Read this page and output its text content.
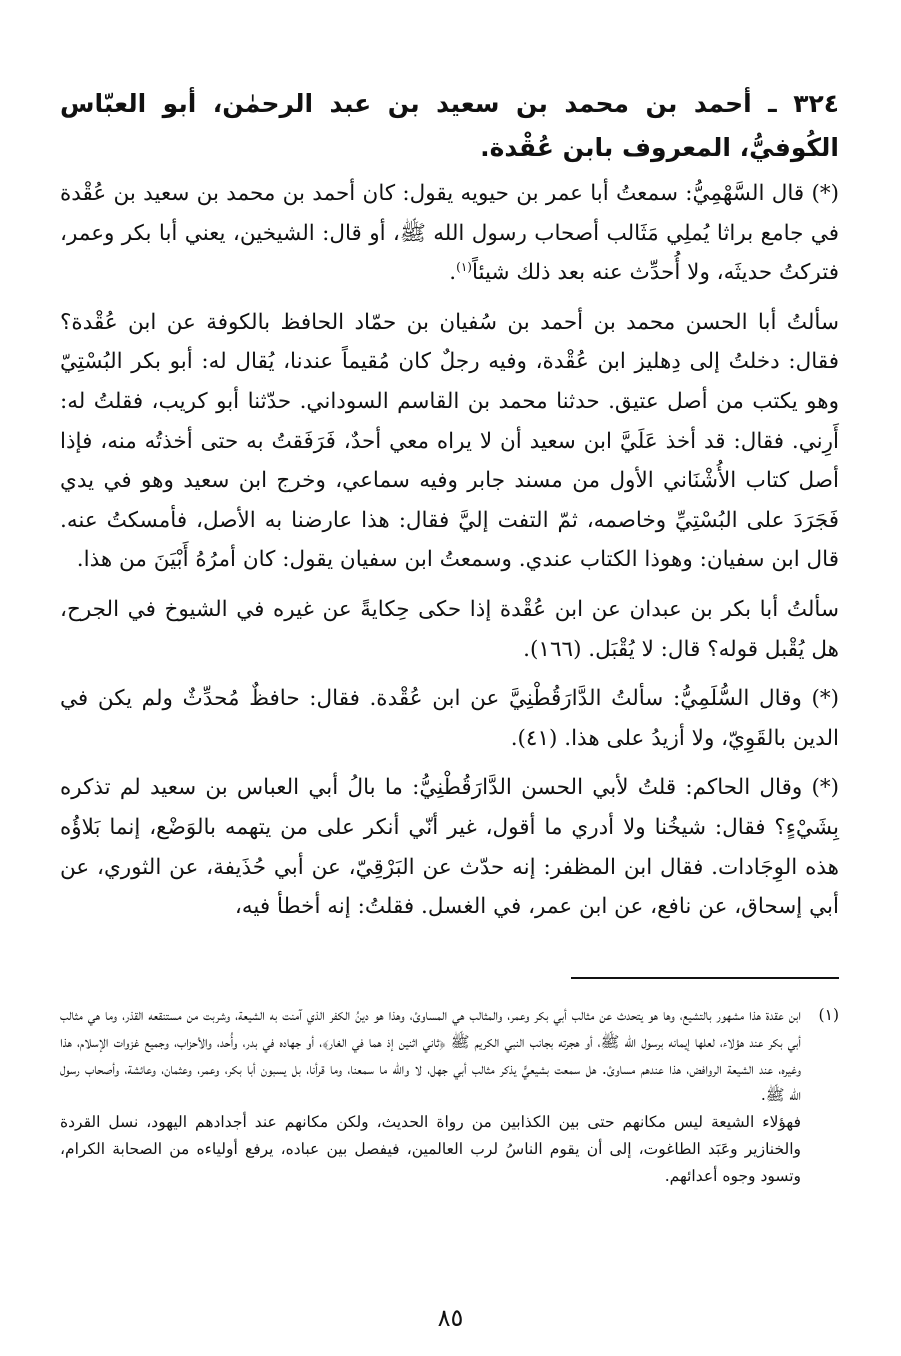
٣٢٤ ـ أحمد بن محمد بن سعيد بن عبد الرحمٰن، أبو العبّاس الكُوفيُّ، المعروف بابن عُقْدة.

(*) قال السَّهْمِيُّ: سمعتُ أبا عمر بن حيويه يقول: كان أحمد بن محمد بن سعيد بن عُقْدة في جامع براثا يُملِي مَثَالب أصحاب رسول الله ﷺ، أو قال: الشيخين، يعني أبا بكر وعمر، فتركتُ حديثَه، ولا أُحدِّث عنه بعد ذلك شيئاً$^{(١)}$.

سألتُ أبا الحسن محمد بن أحمد بن سُفيان بن حمّاد الحافظ بالكوفة عن ابن عُقْدة؟ فقال: دخلتُ إلى دِهليز ابن عُقْدة، وفيه رجلٌ كان مُقيماً عندنا، يُقال له: أبو بكر البُسْتِيّ وهو يكتب من أصل عتيق. حدثنا محمد بن القاسم السوداني. حدّثنا أبو كريب، فقلتُ له: أَرِني. فقال: قد أخذ عَلَيَّ ابن سعيد أن لا يراه معي أحدٌ، فَرَفَقتُ به حتى أخذتُه منه، فإذا أصل كتاب الأُشْنَاني الأول من مسند جابر وفيه سماعي، وخرج ابن سعيد وهو في يدي فَجَرَدَ على البُسْتِيِّ وخاصمه، ثمّ التفت إليَّ فقال: هذا عارضنا به الأصل، فأمسكتُ عنه. قال ابن سفيان: وهوذا الكتاب عندي. وسمعتُ ابن سفيان يقول: كان أمرُهُ أَبْيَنَ من هذا.

سألتُ أبا بكر بن عبدان عن ابن عُقْدة إذا حكى حِكايةً عن غيره في الشيوخ في الجرح، هل يُقْبل قوله؟ قال: لا يُقْبَل. (١٦٦).

(*) وقال السُّلَمِيُّ: سألتُ الدَّارَقُطْنِيَّ عن ابن عُقْدة. فقال: حافظٌ مُحدِّثٌ ولم يكن في الدين بالقَوِيّ، ولا أزيدُ على هذا. (٤١).

(*) وقال الحاكم: قلتُ لأبي الحسن الدَّارَقُطْنِيُّ: ما بالُ أبي العباس بن سعيد لم تذكره بِشَيْءٍ؟ فقال: شيخُنا ولا أدري ما أقول، غير أنّي أنكر على من يتهمه بالوَضْع، إنما بَلاؤُه هذه الوِجَادات. فقال ابن المظفر: إنه حدّث عن البَرْقِيّ، عن أبي حُذَيفة، عن الثوري، عن أبي إسحاق، عن نافع، عن ابن عمر، في الغسل. فقلتُ: إنه أخطأ فيه،

(١)

ابن عقدة هذا مشهور بالتشيع، وها هو يتحدث عن مثالب أبي بكر وعمر، والمثالب هي المساوئ، وهذا هو دينُ الكفر الذي آمنت به الشيعة، وشربت من مستنقعه القذر، وما هي مثالب أبي بكر عند هؤلاء، لعلها إيمانه برسول الله ﷺ، أو هجرته بجانب النبي الكريم ﷺ ﴿ثاني اثنين إذ هما في الغار﴾، أو جهاده في بدر، وأُحد، والأحزاب، وجميع غزوات الإسلام، هذا وغيره، عند الشيعة الروافض، هذا عندهم مساوئ. هل سمعت بشيعيٍّ يذكر مثالب أبي جهل، لا والله ما سمعنا، وما قرأنا، بل يسبون أبا بكر، وعمر، وعثمان، وعائشة، وأصحاب رسول الله ﷺ.

فهؤلاء الشيعة ليس مكانهم حتى بين الكذابين من رواة الحديث، ولكن مكانهم عند أجدادهم اليهود، نسل القردة والخنازير وعَبَد الطاغوت، إلى أن يقوم الناسُ لرب العالمين، فيفصل بين عباده، يرفع أولياءه من الصحابة الكرام، وتسود وجوه أعدائهم.

٨٥
